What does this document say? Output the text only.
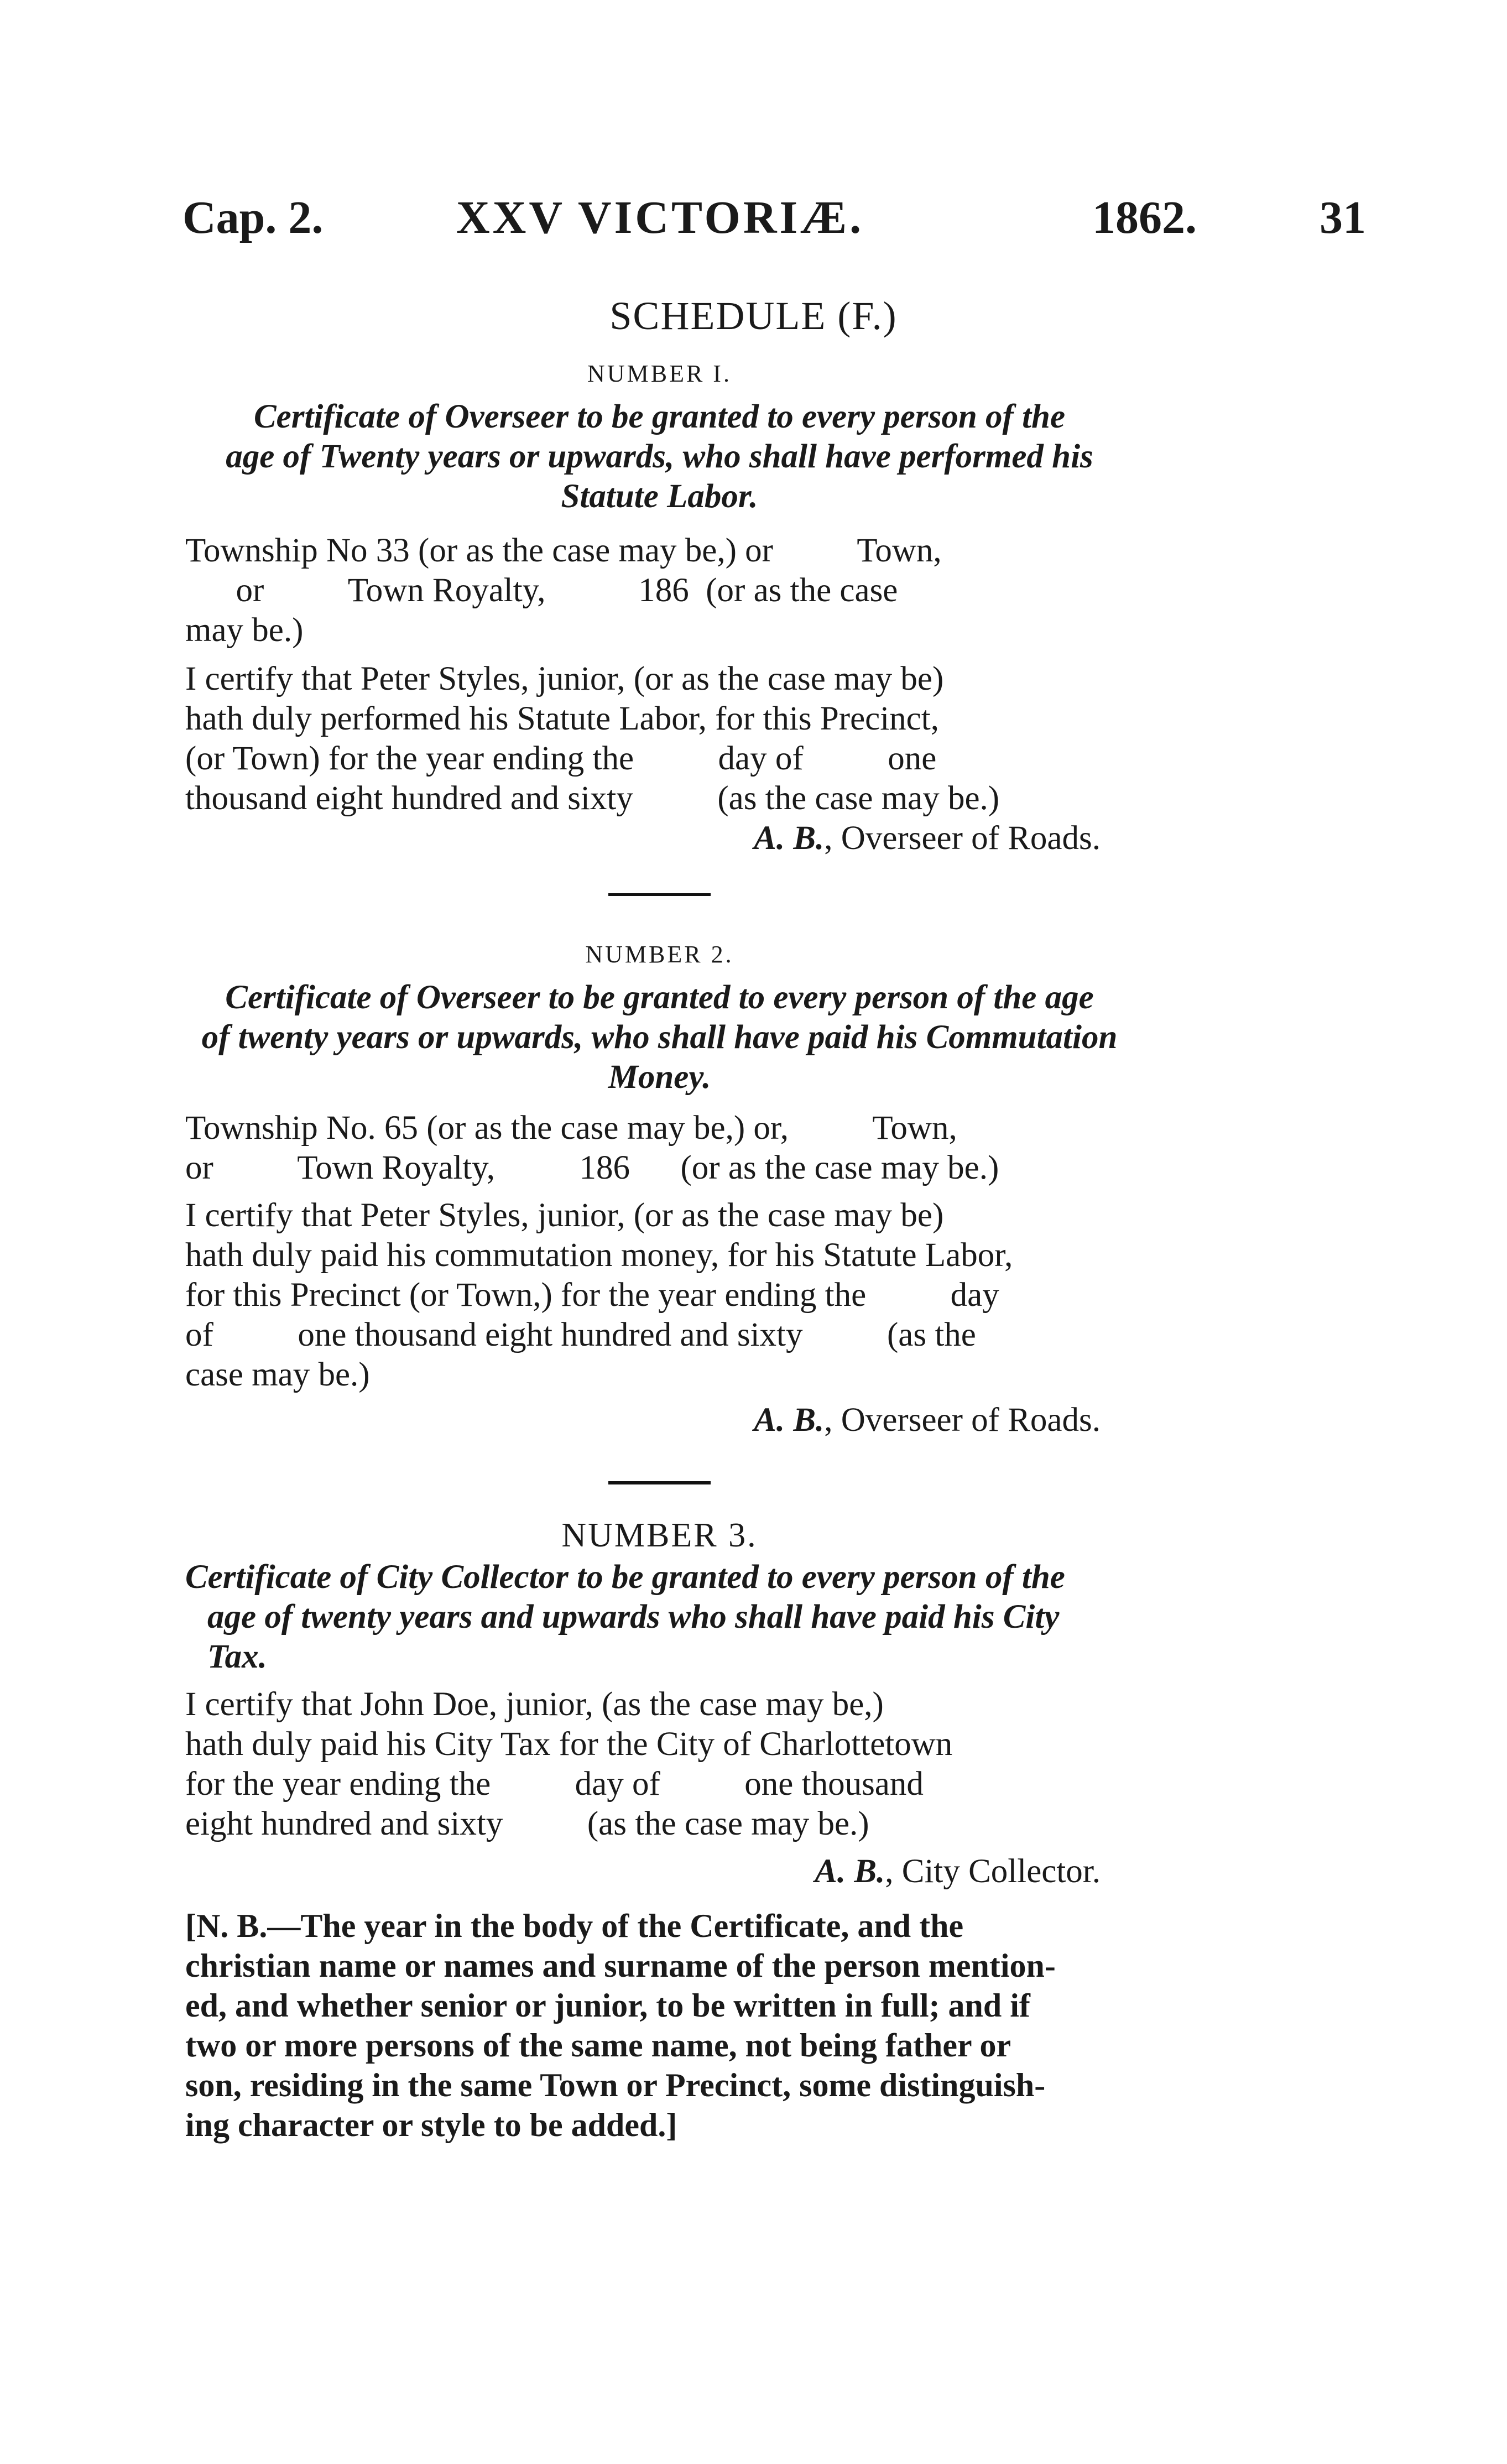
Cap. 2.	XXV VICTORIÆ.	1862.	31
SCHEDULE (F.)
NUMBER I.
Certificate of Overseer to be granted to every person of the
age of Twenty years or upwards, who shall have performed his
Statute Labor.
Township No 33 (or as the case may be,) or          Town,
or          Town Royalty,           186  (or as the case
may be.)
I certify that Peter Styles, junior, (or as the case may be)
hath duly performed his Statute Labor, for this Precinct,
(or Town) for the year ending the          day of          one
thousand eight hundred and sixty          (as the case may be.)
A. B., Overseer of Roads.
NUMBER 2.
Certificate of Overseer to be granted to every person of the age
of twenty years or upwards, who shall have paid his Commutation
Money.
Township No. 65 (or as the case may be,) or,          Town,
or          Town Royalty,          186      (or as the case may be.)
I certify that Peter Styles, junior, (or as the case may be)
hath duly paid his commutation money, for his Statute Labor,
for this Precinct (or Town,) for the year ending the          day
of          one thousand eight hundred and sixty          (as the
case may be.)
A. B., Overseer of Roads.
NUMBER 3.
Certificate of City Collector to be granted to every person of the
age of twenty years and upwards who shall have paid his City
Tax.
I certify that John Doe, junior, (as the case may be,)
hath duly paid his City Tax for the City of Charlottetown
for the year ending the          day of          one thousand
eight hundred and sixty          (as the case may be.)
A. B., City Collector.
[N. B.—The year in the body of the Certificate, and the
christian name or names and surname of the person mention-
ed, and whether senior or junior, to be written in full; and if
two or more persons of the same name, not being father or
son, residing in the same Town or Precinct, some distinguish-
ing character or style to be added.]
